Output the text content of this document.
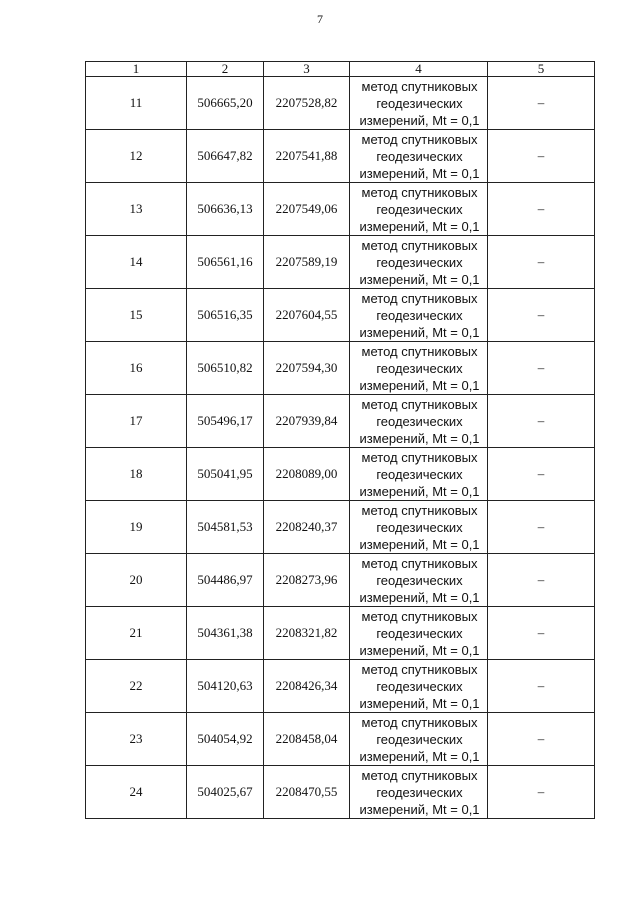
7
1	2	3	4	5
11	506665,20	2207528,82	метод спутниковых геодезических измерений, Mt = 0,1	–
12	506647,82	2207541,88	метод спутниковых геодезических измерений, Mt = 0,1	–
13	506636,13	2207549,06	метод спутниковых геодезических измерений, Mt = 0,1	–
14	506561,16	2207589,19	метод спутниковых геодезических измерений, Mt = 0,1	–
15	506516,35	2207604,55	метод спутниковых геодезических измерений, Mt = 0,1	–
16	506510,82	2207594,30	метод спутниковых геодезических измерений, Mt = 0,1	–
17	505496,17	2207939,84	метод спутниковых геодезических измерений, Mt = 0,1	–
18	505041,95	2208089,00	метод спутниковых геодезических измерений, Mt = 0,1	–
19	504581,53	2208240,37	метод спутниковых геодезических измерений, Mt = 0,1	–
20	504486,97	2208273,96	метод спутниковых геодезических измерений, Mt = 0,1	–
21	504361,38	2208321,82	метод спутниковых геодезических измерений, Mt = 0,1	–
22	504120,63	2208426,34	метод спутниковых геодезических измерений, Mt = 0,1	–
23	504054,92	2208458,04	метод спутниковых геодезических измерений, Mt = 0,1	–
24	504025,67	2208470,55	метод спутниковых геодезических измерений, Mt = 0,1	–
